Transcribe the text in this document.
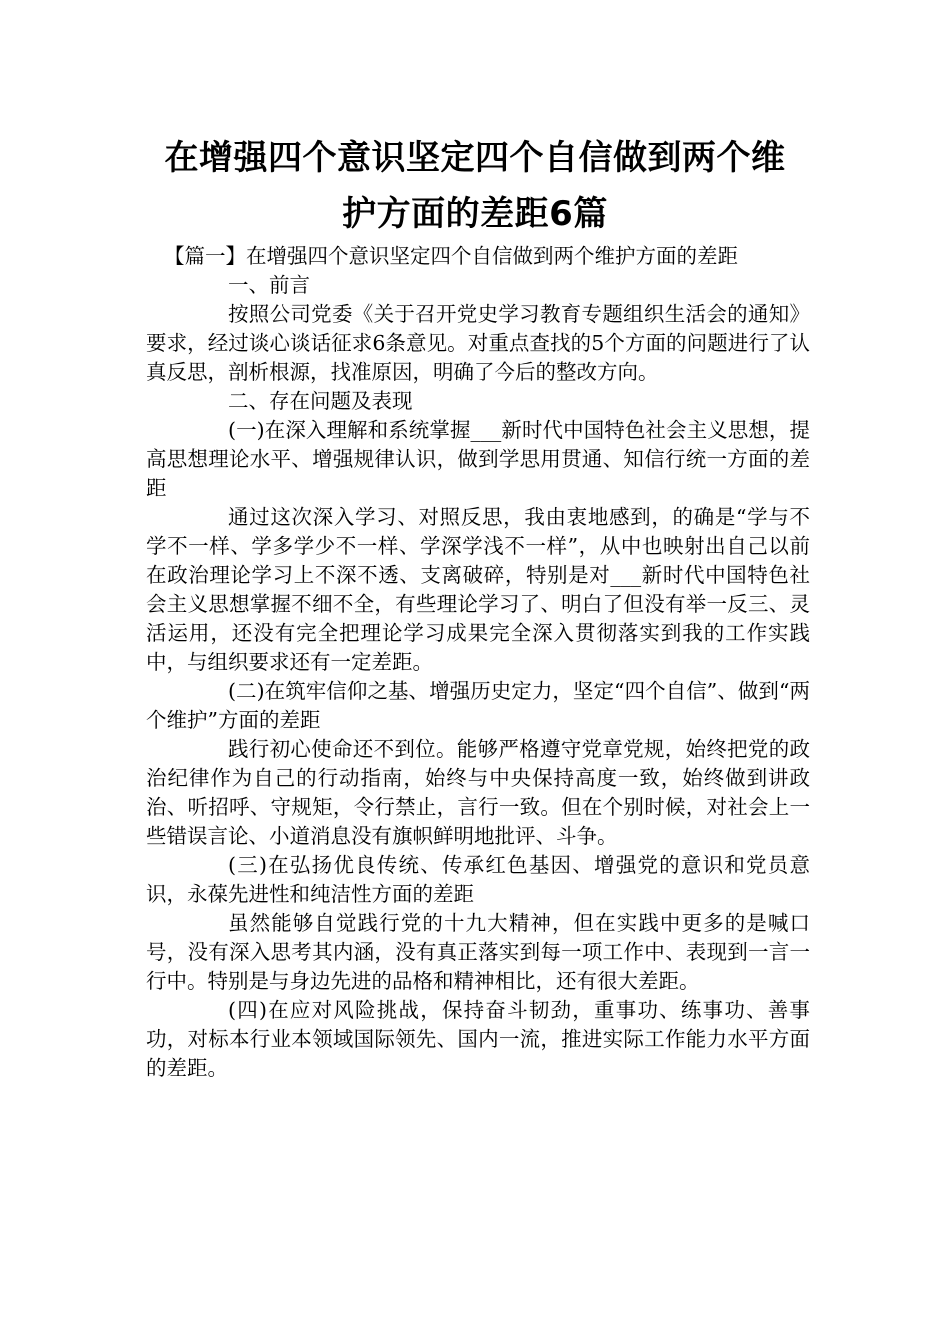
在增强四个意识坚定四个自信做到两个维
护方面的差距6篇

【篇一】在增强四个意识坚定四个自信做到两个维护方面的差距

一、前言

按照公司党委《关于召开党史学习教育专题组织生活会的通知》要求，经过谈心谈话征求6条意见。对重点查找的5个方面的问题进行了认真反思，剖析根源，找准原因，明确了今后的整改方向。

二、存在问题及表现

(一)在深入理解和系统掌握___新时代中国特色社会主义思想，提高思想理论水平、增强规律认识，做到学思用贯通、知信行统一方面的差距

通过这次深入学习、对照反思，我由衷地感到，的确是“学与不学不一样、学多学少不一样、学深学浅不一样”，从中也映射出自己以前在政治理论学习上不深不透、支离破碎，特别是对___新时代中国特色社会主义思想掌握不细不全，有些理论学习了、明白了但没有举一反三、灵活运用，还没有完全把理论学习成果完全深入贯彻落实到我的工作实践中，与组织要求还有一定差距。

(二)在筑牢信仰之基、增强历史定力，坚定“四个自信”、做到“两个维护”方面的差距

践行初心使命还不到位。能够严格遵守党章党规，始终把党的政治纪律作为自己的行动指南，始终与中央保持高度一致，始终做到讲政治、听招呼、守规矩，令行禁止，言行一致。但在个别时候，对社会上一些错误言论、小道消息没有旗帜鲜明地批评、斗争。

(三)在弘扬优良传统、传承红色基因、增强党的意识和党员意识，永葆先进性和纯洁性方面的差距

虽然能够自觉践行党的十九大精神，但在实践中更多的是喊口号，没有深入思考其内涵，没有真正落实到每一项工作中、表现到一言一行中。特别是与身边先进的品格和精神相比，还有很大差距。

(四)在应对风险挑战，保持奋斗韧劲，重事功、练事功、善事功，对标本行业本领域国际领先、国内一流，推进实际工作能力水平方面的差距。
